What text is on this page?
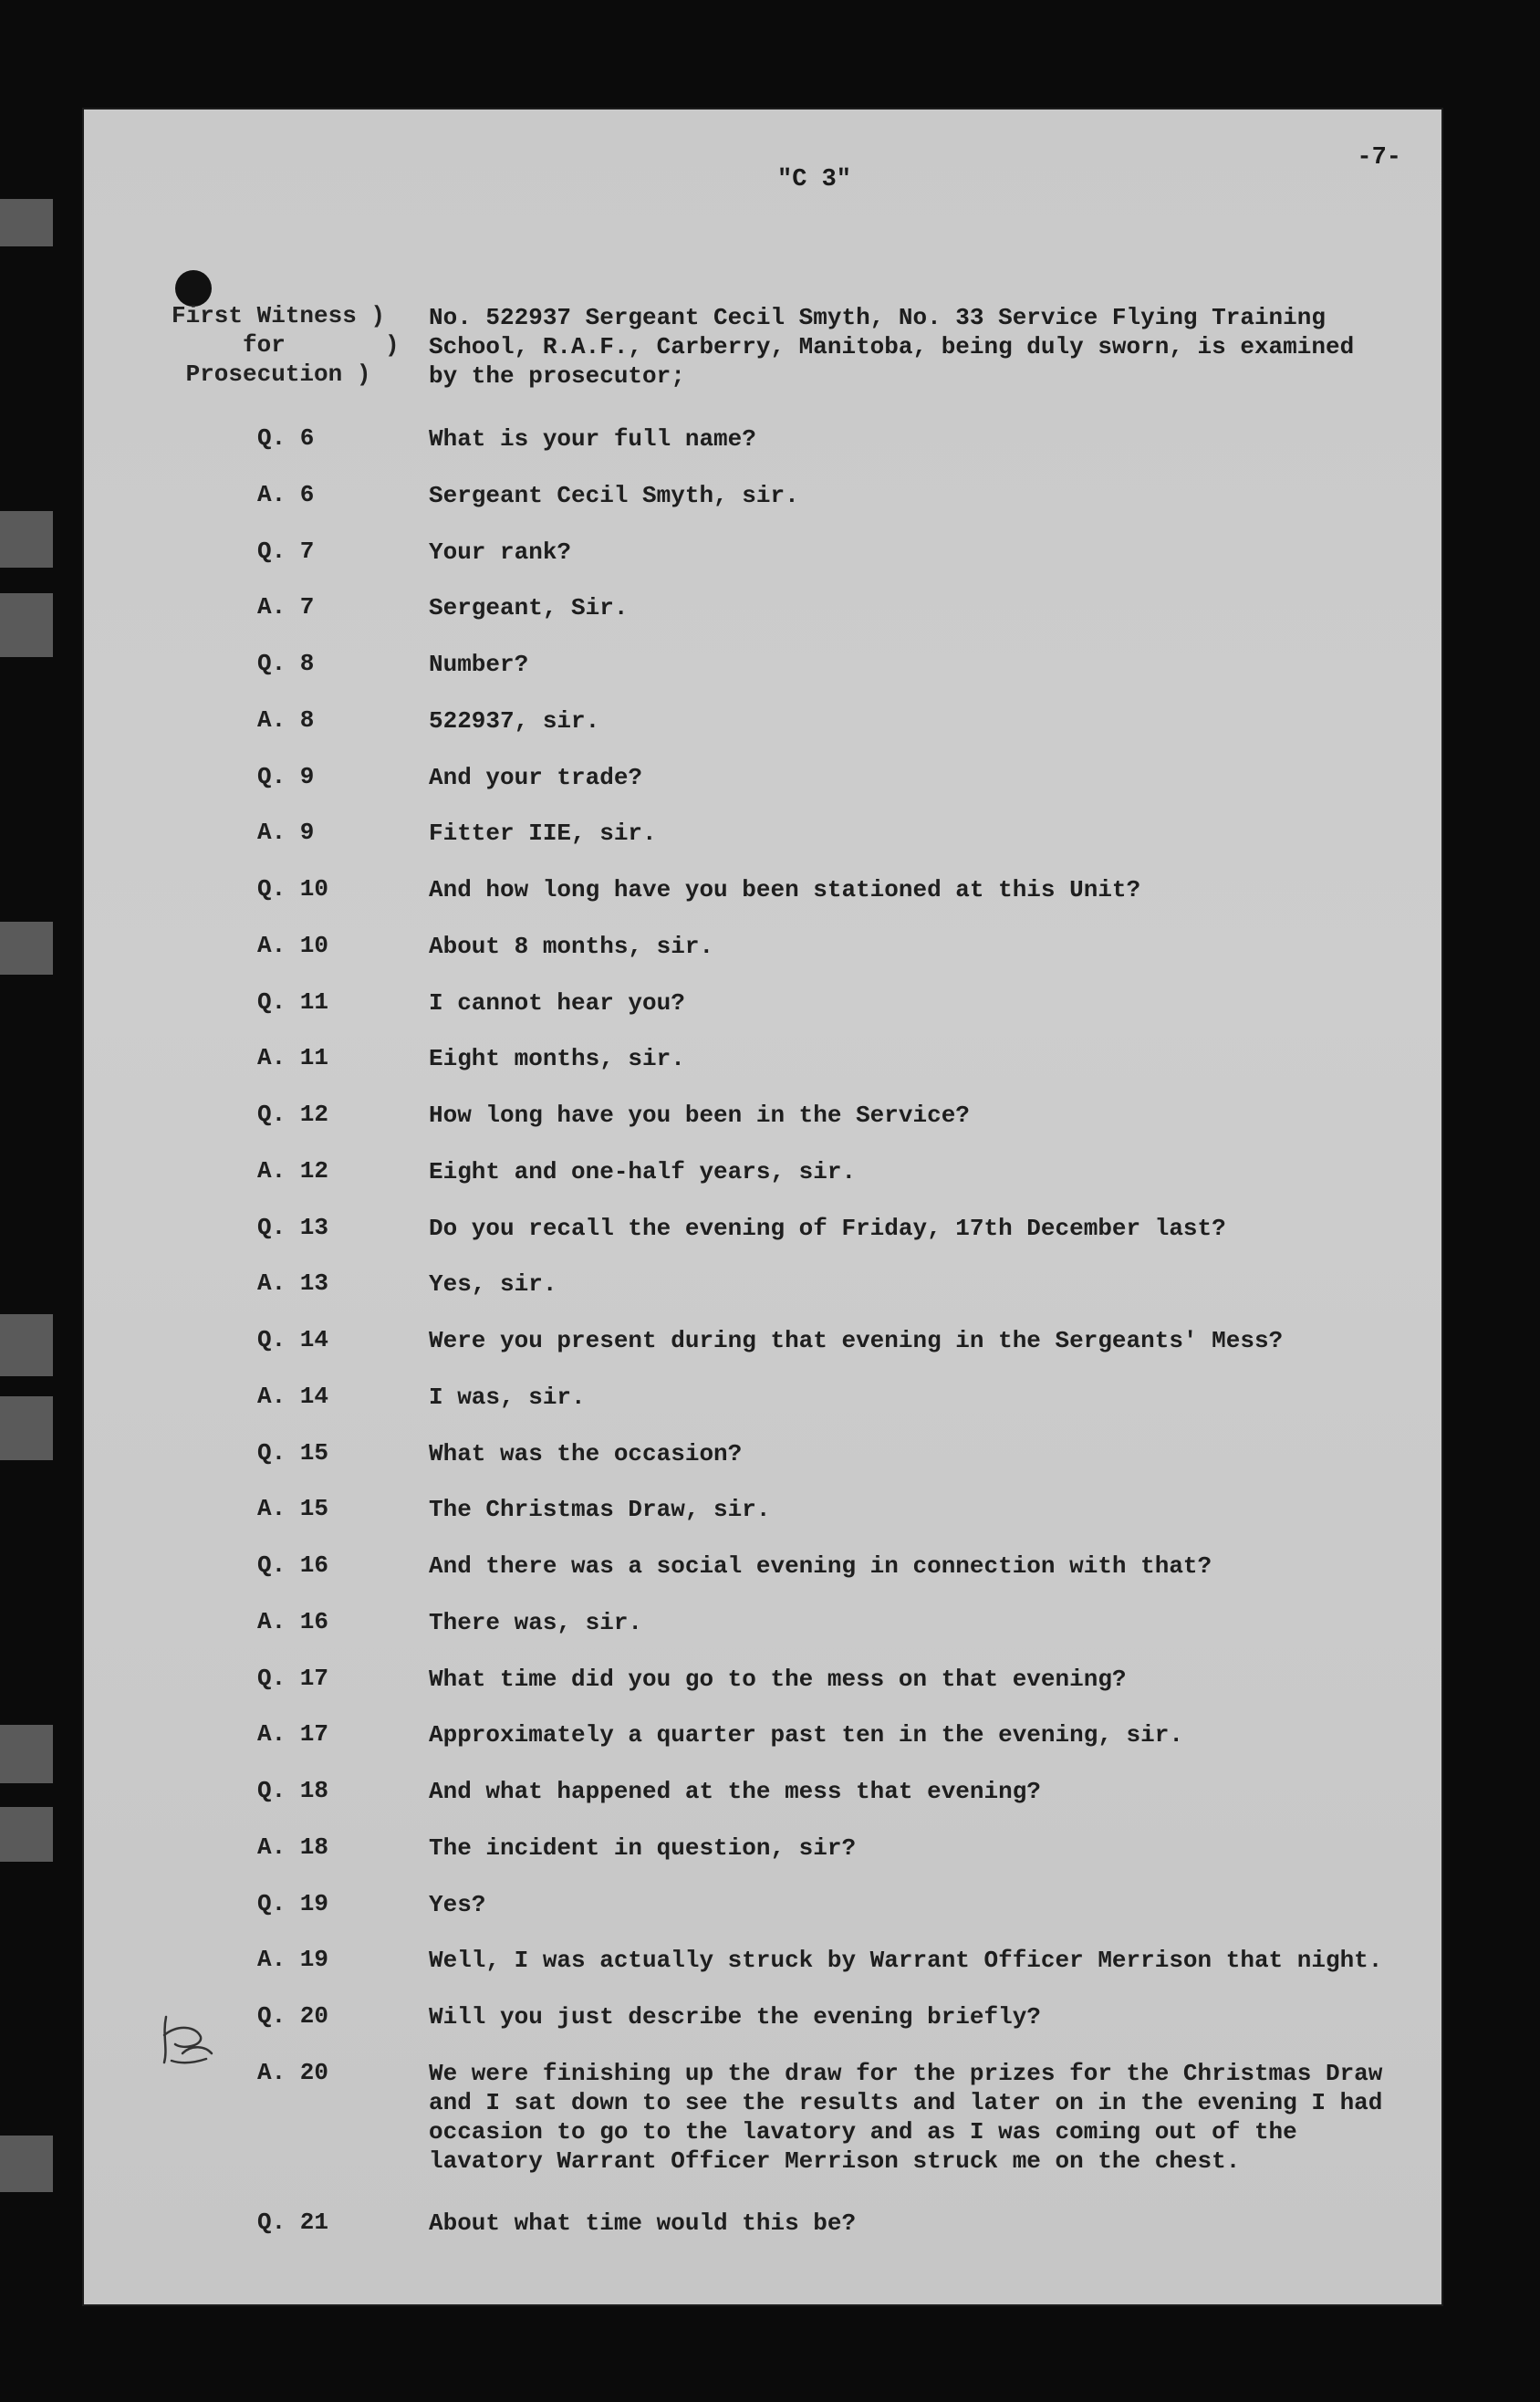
-7-
"C 3"
First Witness )
for       )
Prosecution )
No. 522937 Sergeant Cecil Smyth, No. 33 Service Flying Training School, R.A.F., Carberry, Manitoba, being duly sworn, is examined by the prosecutor;
Q. 6	What is your full name?
A. 6	Sergeant Cecil Smyth, sir.
Q. 7	Your rank?
A. 7	Sergeant, Sir.
Q. 8	Number?
A. 8	522937, sir.
Q. 9	And your trade?
A. 9	Fitter IIE, sir.
Q. 10	And how long have you been stationed at this Unit?
A. 10	About 8 months, sir.
Q. 11	I cannot hear you?
A. 11	Eight months, sir.
Q. 12	How long have you been in the Service?
A. 12	Eight and one-half years, sir.
Q. 13	Do you recall the evening of Friday, 17th December last?
A. 13	Yes, sir.
Q. 14	Were you present during that evening in the Sergeants' Mess?
A. 14	I was, sir.
Q. 15	What was the occasion?
A. 15	The Christmas Draw, sir.
Q. 16	And there was a social evening in connection with that?
A. 16	There was, sir.
Q. 17	What time did you go to the mess on that evening?
A. 17	Approximately a quarter past ten in the evening, sir.
Q. 18	And what happened at the mess that evening?
A. 18	The incident in question, sir?
Q. 19	Yes?
A. 19	Well, I was actually struck by Warrant Officer Merrison that night.
Q. 20	Will you just describe the evening briefly?
A. 20	We were finishing up the draw for the prizes for the Christmas Draw and I sat down to see the results and later on in the evening I had occasion to go to the lavatory and as I was coming out of the lavatory Warrant Officer Merrison struck me on the chest.
Q. 21	About what time would this be?
